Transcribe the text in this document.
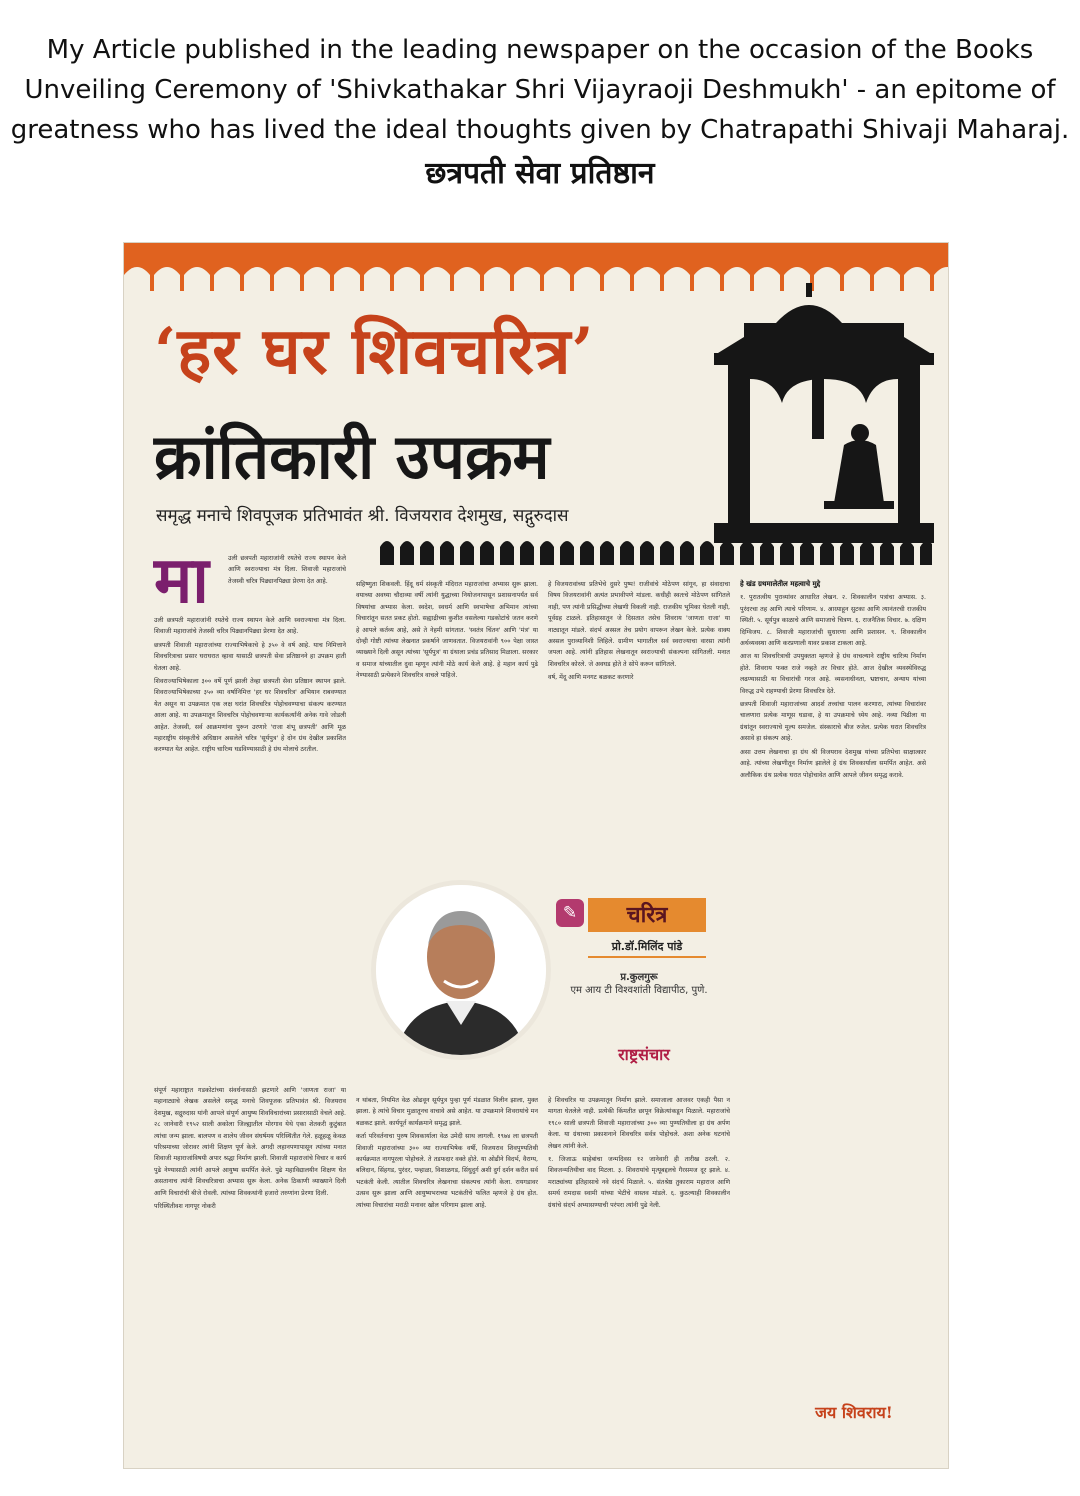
My Article published in the leading newspaper on the occasion of the Books
Unveiling Ceremony of 'Shivkathakar Shri Vijayraoji Deshmukh' - an epitome of
greatness who has lived the ideal thoughts given by Chatrapathi Shivaji Maharaj.
छत्रपती सेवा प्रतिष्ठान
‘हर घर शिवचरित्र’
क्रांतिकारी उपक्रम
समृद्ध मनाचे शिवपूजक प्रतिभावंत श्री. विजयराव देशमुख, सद्गुरुदास
मा

उली छत्रपती महाराजांनी रयतेचे राज्य स्थापन केले आणि स्वराज्याचा मंत्र दिला. शिवाजी महाराजांचे तेजस्वी चरित्र पिढ्यानपिढ्या प्रेरणा देत आहे.

छत्रपती शिवाजी महाराजांच्या राज्याभिषेकाचे हे ३५० वे वर्ष आहे. याच निमित्ताने शिवचरित्राचा प्रसार घराघरात व्हावा यासाठी छत्रपती सेवा प्रतिष्ठानने हा उपक्रम हाती घेतला आहे.

शिवराज्याभिषेकाला ३०० वर्षे पूर्ण झाली तेव्हा छत्रपती सेवा प्रतिष्ठान स्थापन झाले. शिवराज्याभिषेकाच्या ३५० व्या वर्षानिमित्त 'हर घर शिवचरित्र' अभियान राबवण्यात येत असून या उपक्रमात एक लक्ष घरांत शिवचरित्र पोहोचवण्याचा संकल्प करण्यात आला आहे. या उपक्रमातून शिवचरित्र पोहोचवणाऱ्या कार्यकर्त्यांनी अनेक गावे जोडली आहेत. तेजस्वी, सर्व आक्रमणांना पुरून उरणारे 'राजा शंभू छत्रपती' आणि मूळ महाराष्ट्रीय संस्कृतीचे अधिष्ठान असलेले चरित्र 'सूर्यपुत्र' हे दोन ग्रंथ देखील प्रकाशित करण्यात येत आहेत. राष्ट्रीय चारित्र्य घडविण्यासाठी हे ग्रंथ मोलाचे ठरतील.

उली छत्रपती महाराजांनी रयतेचे राज्य स्थापन केले आणि स्वराज्याचा मंत्र दिला. शिवाजी महाराजांचे तेजस्वी चरित्र पिढ्यानपिढ्या प्रेरणा देत आहे.

संपूर्ण महाराष्ट्रात गडकोटांच्या संवर्धनासाठी झटणारे आणि 'जाणता राजा' या महानाट्याचे लेखक असलेले समृद्ध मनाचे शिवपूजक प्रतिभावंत श्री. विजयराव देशमुख, सद्गुरुदास यांनी आपले संपूर्ण आयुष्य शिवविचारांच्या प्रसारासाठी वेचले आहे. २८ जानेवारी १९५२ साली अकोला जिल्ह्यातील मोरगाव येथे एका शेतकरी कुटुंबात त्यांचा जन्म झाला. बालपण व शालेय जीवन संघर्षमय परिस्थितीत गेले. हळूहळू केवळ परिश्रमाच्या जोरावर त्यांनी शिक्षण पूर्ण केले. अगदी लहानपणापासून त्यांच्या मनात शिवाजी महाराजांविषयी अपार श्रद्धा निर्माण झाली. शिवाजी महाराजांचे विचार व कार्य पुढे नेण्यासाठी त्यांनी आपले आयुष्य समर्पित केले. पुढे महाविद्यालयीन शिक्षण घेत असतानाच त्यांनी शिवचरित्राचा अभ्यास सुरू केला. अनेक ठिकाणी व्याख्याने दिली आणि विचारांची बीजे रोवली. त्यांच्या शिवकथांनी हजारो तरुणांना प्रेरणा दिली.

परिस्थितीवश नागपूर नोकरी

सहिष्णुता शिकवली. हिंदू धर्म संस्कृती मंदिरात महाराजांचा अभ्यास सुरू झाला. वयाच्या अवघ्या चौदाव्या वर्षी त्यांनी युद्धाच्या नियोजनापासून प्रशासनापर्यंत सर्व विषयांचा अभ्यास केला. स्वदेश, स्वधर्म आणि स्वभाषेचा अभिमान त्यांच्या विचारांतून सतत प्रकट होतो. सह्याद्रीच्या कुशीत वसलेल्या गडकोटांचे जतन करणे हे आपले कर्तव्य आहे, असे ते नेहमी सांगतात. 'स्वतंत्र चिंतन' आणि 'मंत्र' या दोन्ही गोष्टी त्यांच्या लेखनात प्रकर्षाने जाणवतात. विजयरावांनी ९०० पेक्षा जास्त व्याख्याने दिली असून त्यांच्या 'सूर्यपुत्र' या ग्रंथाला प्रचंड प्रतिसाद मिळाला. सरकार व समाज यांच्यातील दुवा म्हणून त्यांनी मोठे कार्य केले आहे. हे महान कार्य पुढे नेण्यासाठी प्रत्येकाने शिवचरित्र वाचले पाहिजे.

न थांबता, नियमित वेळ ओढवून सूर्यपुत्र पुन्हा पूर्ण मंडळात विलीन झाला, मुक्त झाला. हे त्यांचे विचार मुळातूनच वाचावे असे आहेत. या उपक्रमाने शिवरायांचे मन बळकट झाले. कार्यपूर्त कार्यक्रमाने समृद्ध झाले.

कर्ता परिवर्तनाचा पुरुष शिवकार्याला वेळ उमेदी साथ लागली. १९७४ ला छत्रपती शिवाजी महाराजांच्या ३०० व्या राज्याभिषेक वर्षी, विजयराव शिवपुण्यतिथी कार्यक्रमात नागपूरला पोहोचले. ते तडफदार वक्ते होते. या ओढीने विदर्भ, वैराग्य, बलिदान, सिंहगड, पुरंदर, पन्हाळा, विशाळगड, सिंधुदुर्ग अशी दुर्ग दर्शन करीत सर्व भटकंती केली. त्यातील शिवचरित्र लेखनाचा संकल्पच त्यांनी केला. रायगडावर उत्सव सुरू झाला आणि आयुष्यभराच्या भटकंतीचे फलित म्हणजे हे ग्रंथ होत. त्यांच्या विचारांचा मराठी मनावर खोल परिणाम झाला आहे.

हे विजयरावांच्या प्रतिभेचे दुसरे पुष्प! राजीवांचे मोठेपण सांगून, हा संवादाचा विषय विजयरावांनी अत्यंत प्रभावीपणे मांडला. कधीही स्वतःचे मोठेपण सांगितले नाही, पण त्यांनी प्रसिद्धीच्या लेखणी विकली नाही. राजकीय भूमिका घेतली नाही, पूर्वग्रह टाळले. इतिहासातून जे दिसतात तसेच शिवराय 'जाणता राजा' या नाट्यातून मांडले. संदर्भ अस्सल तेच प्रयोग वापरून लेखन केले. प्रत्येक वाक्य अस्सल पुराव्यानिशी लिहिले. ग्रामीण भागातील सर्व स्वराज्याचा वारसा त्यांनी जपला आहे. त्यांनी इतिहास लेखनातून स्वराज्याची संकल्पना सांगितली. मनात शिवचरित्र कोरले. जे अवघड होते ते सोपे करून सांगितले.

वर्ष, मेंदू आणि मनगट बळकट करणारे

हे शिवचरित्र या उपक्रमातून निर्माण झाले. समाजाला आजवर एकही पैसा न मागता घेतलेले नाही. प्रत्येकी किंमतीत छापून विक्रेत्यांकडून मिळाले. महाराजांचे १९८० साली छत्रपती शिवाजी महाराजांच्या ३०० व्या पुण्यतिथीला हा ग्रंथ अर्पण केला. या ग्रंथाच्या प्रकाशनाने शिवचरित्र सर्वत्र पोहोचले. अशा अनेक घटनांचे लेखन त्यांनी केले.

१. जिजाऊ साहेबांचा जन्मदिवस १२ जानेवारी ही तारीख ठरली. २. शिवजन्मतिथीचा वाद मिटला. ३. शिवरायांचे मृत्यूबद्दलचे गैरसमज दूर झाले. ४. मराठ्यांच्या इतिहासाचे नवे संदर्भ मिळाले. ५. संतश्रेष्ठ तुकाराम महाराज आणि समर्थ रामदास स्वामी यांच्या भेटीचे वास्तव मांडले. ६. कुठल्याही शिवकालीन ग्रंथांचे संदर्भ अभ्यासण्याची परंपरा त्यांनी पुढे नेली.

हे खंड ग्रथमालेतील महत्वाचे मुद्दे

१. पुरातत्वीय पुराव्यांवर आधारित लेखन. २. शिवकालीन पत्रांचा अभ्यास. ३. पुरंदरचा तह आणि त्याचे परिणाम. ४. आग्र्याहून सुटका आणि त्यानंतरची राजकीय स्थिती. ५. सूर्यपुत्र काळाचे आणि समाजाचे चित्रण. ६. राजनैतिक विचार. ७. दक्षिण दिग्विजय. ८. शिवाजी महाराजांची सुधारणा आणि प्रशासन. ९. शिवकालीन अर्थव्यवस्था आणि करप्रणाली यावर प्रकाश टाकला आहे.

आज या शिवचरित्राची उपयुक्तता म्हणजे हे ग्रंथ वाचल्याने राष्ट्रीय चारित्र्य निर्माण होते. शिवराय फक्त राजे नव्हते तर विचार होते. आज देखील व्यवस्थेविरुद्ध लढण्यासाठी या विचारांची गरज आहे. व्यसनाधीनता, भ्रष्टाचार, अन्याय यांच्या विरुद्ध उभे राहण्याची प्रेरणा शिवचरित्र देते.

छत्रपती शिवाजी महाराजांच्या आदर्श तत्त्वांचा पालन करणारा, त्यांच्या विचारांवर चालणारा प्रत्येक माणूस घडावा, हे या उपक्रमाचे ध्येय आहे. नव्या पिढीला या ग्रंथांतून स्वराज्याचे मूल्य समजेल. संस्काराचे बीज रुजेल. प्रत्येक घरात शिवचरित्र असावे हा संकल्प आहे.

असा उत्तम लेखनाचा हा ग्रंथ श्री विजयराव देशमुख यांच्या प्रतिभेचा साक्षात्कार आहे. त्यांच्या लेखणीतून निर्माण झालेले हे ग्रंथ शिवकार्याला समर्पित आहेत. असे अलौकिक ग्रंथ प्रत्येक घरात पोहोचावेत आणि आपले जीवन समृद्ध करावे.

जय शिवराय!
✎	चरित्र
प्रो.डॉ.मिलिंद पांडे
प्र.कुलगुरू
एम आय टी विश्वशांती विद्यापीठ, पुणे.
राष्ट्रसंचार
